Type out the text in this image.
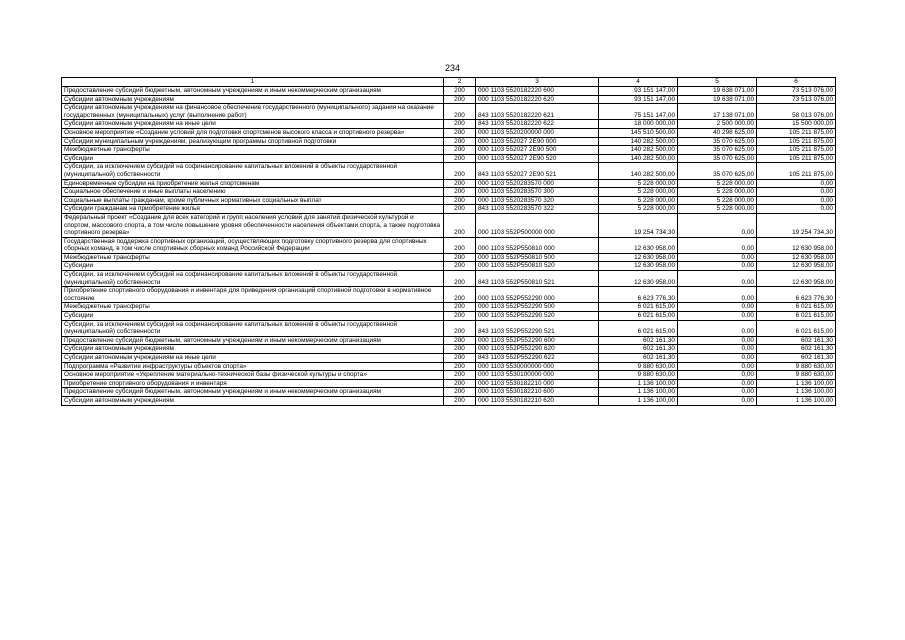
234
1	2	3	4	5	6
Предоставление субсидий бюджетным, автономным учреждениям и иным некоммерческим организациям	200	000 1103 5520182220 600	93 151 147,00	19 638 071,00	73 513 076,00
Субсидии автономным учреждениям	200	000 1103 5520182220 620	93 151 147,00	19 638 071,00	73 513 076,00
Субсидии автономным учреждениям на финансовое обеспечение государственного (муниципального) задания на оказание государственных (муниципальных) услуг (выполнение работ)	200	843 1103 5520182220 621	75 151 147,00	17 138 071,00	58 013 076,00
Субсидии автономным учреждениям на иные цели	200	843 1103 5520182220 622	18 000 000,00	2 500 000,00	15 500 000,00
Основное мероприятие «Создание условий для подготовки спортсменов высокого класса и спортивного резерва»	200	000 1103 5520200000 000	145 510 500,00	40 298 625,00	105 211 875,00
Субсидии муниципальным учреждениям, реализующим программы спортивной подготовки	200	000 1103 552027 2Е90 000	140 282 500,00	35 070 625,00	105 211 875,00
Межбюджетные трансферты	200	000 1103 552027 2Е90 500	140 282 500,00	35 070 625,00	105 211 875,00
Субсидии	200	000 1103 552027 2Е90 520	140 282 500,00	35 070 625,00	105 211 875,00
Субсидии, за исключением субсидий на софинансирование капитальных вложений в объекты государственной (муниципальной) собственности	200	843 1103 552027 2Е90 521	140 282 500,00	35 070 625,00	105 211 875,00
Единовременные субсидии на приобретение жилья спортсменам	200	000 1103 5520283570 000	5 228 000,00	5 228 000,00	0,00
Социальное обеспечение и иные выплаты населению	200	000 1103 5520283570 300	5 228 000,00	5 228 000,00	0,00
Социальные выплаты гражданам, кроме публичных нормативных социальных выплат	200	000 1103 5520283570 320	5 228 000,00	5 228 000,00	0,00
Субсидии гражданам на приобретение жилья	200	843 1103 5520283570 322	5 228 000,00	5 228 000,00	0,00
Федеральный проект «Создание для всех категорий и групп населения условий для занятий физической культурой и спортом, массового спорта, в том числе повышение уровня обеспеченности населения объектами спорта, а также подготовка спортивного резерва»	200	000 1103 552Р500000 000	19 254 734,30	0,00	19 254 734,30
Государственная поддержка спортивных организаций, осуществляющих подготовку спортивного резерва для спортивных сборных команд, в том числе спортивных сборных команд Российской Федерации	200	000 1103 552Р550810 000	12 630 958,00	0,00	12 630 958,00
Межбюджетные трансферты	200	000 1103 552Р550810 500	12 630 958,00	0,00	12 630 958,00
Субсидии	200	000 1103 552Р550810 520	12 630 958,00	0,00	12 630 958,00
Субсидии, за исключением субсидий на софинансирование капитальных вложений в объекты государственной (муниципальной) собственности	200	843 1103 552Р550810 521	12 630 958,00	0,00	12 630 958,00
Приобретение спортивного оборудования и инвентаря для приведения организаций спортивной подготовки в нормативное состояние	200	000 1103 552Р552290 000	6 623 776,30	0,00	6 623 776,30
Межбюджетные трансферты	200	000 1103 552Р552290 500	6 021 615,00	0,00	6 021 615,00
Субсидии	200	000 1103 552Р552290 520	6 021 615,00	0,00	6 021 615,00
Субсидии, за исключением субсидий на софинансирование капитальных вложений в объекты государственной (муниципальной) собственности	200	843 1103 552Р552290 521	6 021 615,00	0,00	6 021 615,00
Предоставление субсидий бюджетным, автономным учреждениям и иным некоммерческим организациям	200	000 1103 552Р552290 600	602 161,30	0,00	602 161,30
Субсидии автономным учреждениям	200	000 1103 552Р552290 620	602 161,30	0,00	602 161,30
Субсидии автономным учреждениям на иные цели	200	843 1103 552Р552290 622	602 161,30	0,00	602 161,30
Подпрограмма «Развитие инфраструктуры объектов спорта»	200	000 1103 5530000000 000	9 880 630,00	0,00	9 880 630,00
Основное мероприятие «Укрепление материально-технической базы физической культуры и спорта»	200	000 1103 5530100000 000	9 880 630,00	0,00	9 880 630,00
Приобретение спортивного оборудования и инвентаря	200	000 1103 5530182210 000	1 136 100,00	0,00	1 136 100,00
Предоставление субсидий бюджетным, автономным учреждениям и иным некоммерческим организациям	200	000 1103 5530182210 600	1 136 100,00	0,00	1 136 100,00
Субсидии автономным учреждениям	200	000 1103 5530182210 620	1 136 100,00	0,00	1 136 100,00
